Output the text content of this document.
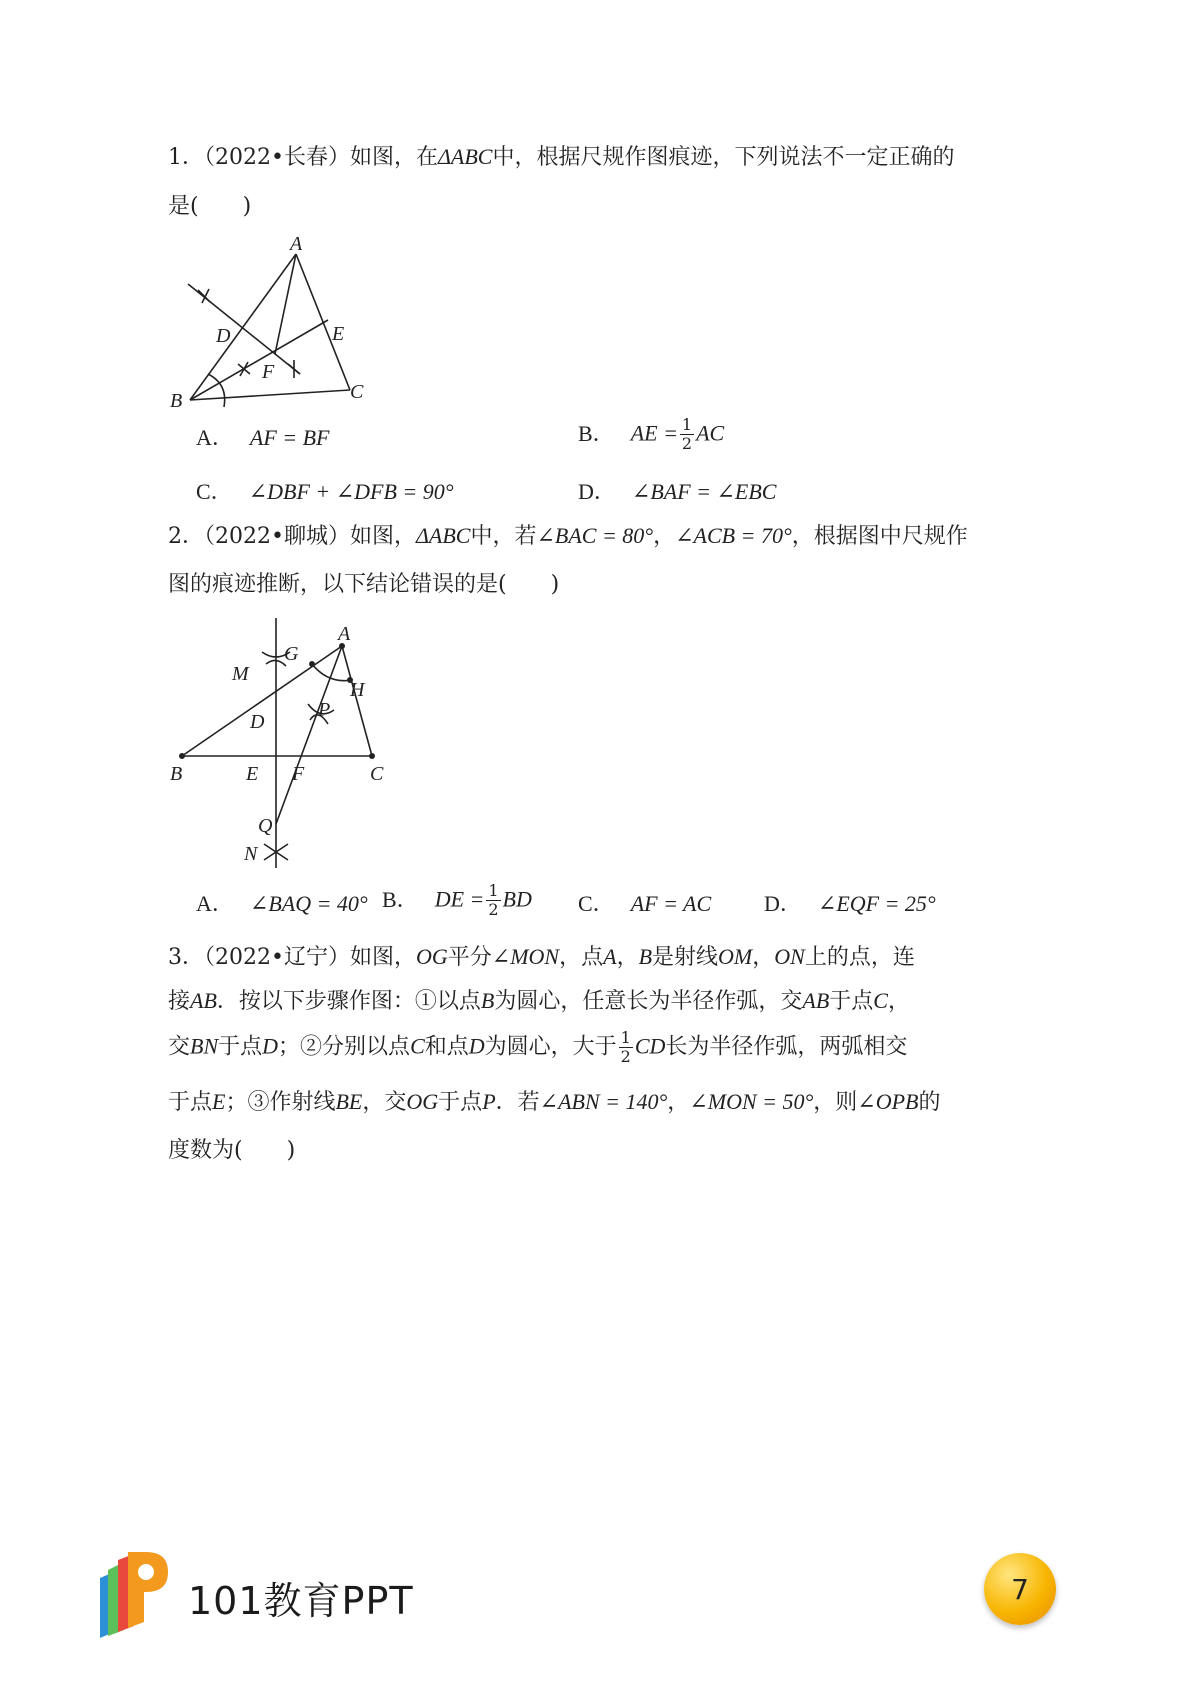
1．（2022•长春）如图，在ΔABC中，根据尺规作图痕迹，下列说法不一定正确的
是(　　)
A
B	C
D	E
F
A． AF = BF	B． AE = $\frac{1}{2}$ AC
C． ∠DBF + ∠DFB = 90°	D． ∠BAF = ∠EBC
2．（2022•聊城）如图，ΔABC中，若∠BAC = 80°，∠ACB = 70°，根据图中尺规作
图的痕迹推断，以下结论错误的是(　　)
A
B	C
D
E F
G
H
M
N
P
Q
A． ∠BAQ = 40° B． DE = $\frac{1}{2}$ BD C． AF = AC D． ∠EQF = 25°
3．（2022•辽宁）如图，OG平分∠MON，点A，B是射线OM，ON上的点，连
接AB．按以下步骤作图：①以点B为圆心，任意长为半径作弧，交AB于点C，
交BN于点D；②分别以点C和点D为圆心，大于 $\frac{1}{2}$ CD长为半径作弧，两弧相交
于点E；③作射线BE，交OG于点P．若∠ABN = 140°，∠MON = 50°，则∠OPB的
度数为(　　)
101教育PPT	7
